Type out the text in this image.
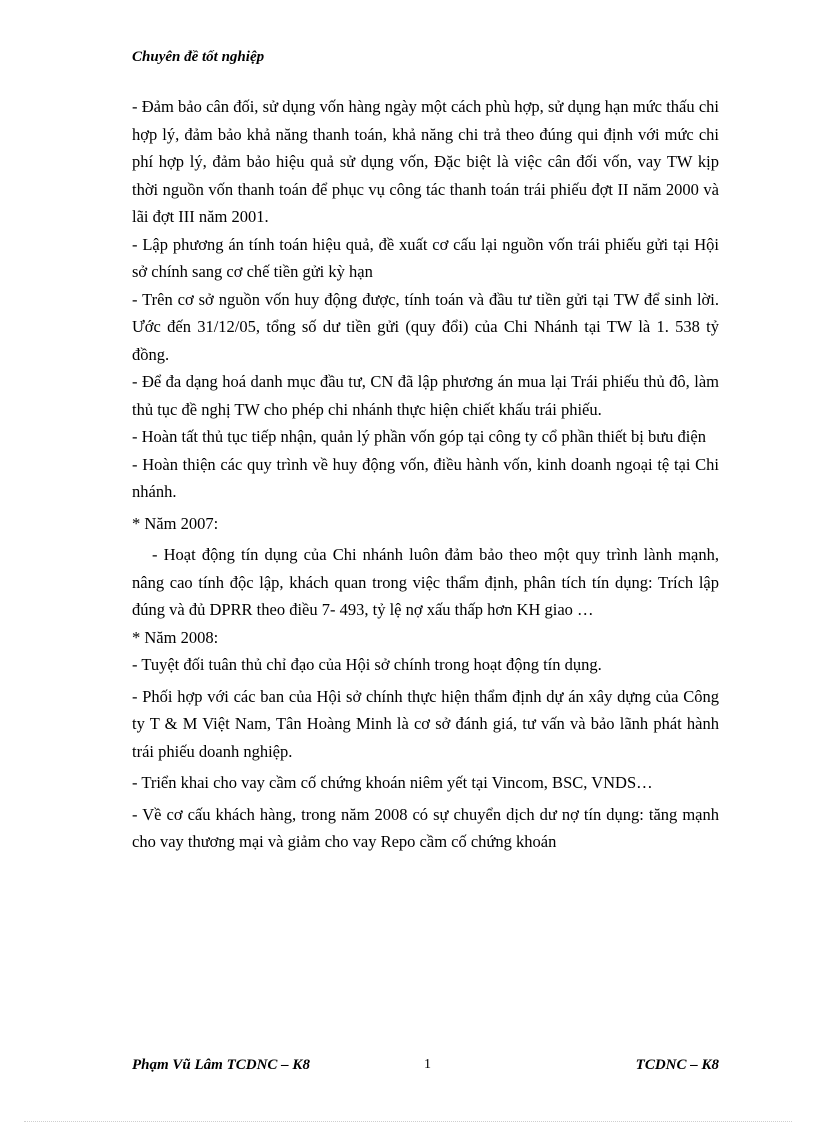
Chuyên đề tốt nghiệp

- Đảm bảo cân đối, sử dụng vốn hàng ngày một cách phù hợp, sử dụng hạn mức thấu chi hợp lý, đảm bảo khả năng thanh toán, khả năng chi trả theo đúng qui định với mức chi phí hợp lý, đảm bảo hiệu quả sử dụng vốn, Đặc biệt là việc cân đối vốn, vay TW kịp thời nguồn vốn thanh toán để phục vụ công tác thanh toán trái phiếu đợt II năm 2000 và lãi đợt III năm 2001.

- Lập phương án tính toán hiệu quả, đề xuất cơ cấu lại nguồn vốn trái phiếu gửi tại Hội sở chính sang cơ chế tiền gửi kỳ hạn

- Trên cơ sở nguồn vốn huy động được, tính toán và đầu tư tiền gửi tại TW để sinh lời. Ước đến 31/12/05, tổng số dư tiền gửi (quy đổi) của Chi Nhánh tại TW là 1. 538 tỷ đồng.

- Để đa dạng hoá danh mục đầu tư, CN đã lập phương án mua lại Trái phiếu thủ đô, làm thủ tục đề nghị TW cho phép chi nhánh thực hiện chiết khấu trái phiếu.

- Hoàn tất thủ tục tiếp nhận, quản lý phần vốn góp tại công ty cổ phần thiết bị bưu điện

- Hoàn thiện các quy trình về huy động vốn, điều hành vốn, kinh doanh ngoại tệ tại Chi nhánh.

* Năm 2007:

- Hoạt động tín dụng của Chi nhánh luôn đảm bảo theo một quy trình lành mạnh, nâng cao tính độc lập, khách quan trong việc thẩm định, phân tích tín dụng: Trích lập đúng và đủ DPRR theo điều 7- 493, tỷ lệ nợ xấu thấp hơn KH giao …

* Năm 2008:

- Tuyệt đối tuân thủ chỉ đạo của Hội sở chính trong hoạt động tín dụng.

- Phối hợp với các ban của Hội sở chính thực hiện thẩm định dự án xây dựng của Công ty T & M Việt Nam, Tân Hoàng Minh là cơ sở đánh giá, tư vấn và bảo lãnh phát hành trái phiếu doanh nghiệp.

- Triển khai cho vay cầm cố chứng khoán niêm yết tại Vincom, BSC, VNDS…

- Về cơ cấu khách hàng, trong năm 2008 có sự chuyển dịch dư nợ tín dụng: tăng mạnh cho vay thương mại và giảm cho vay Repo cầm cố chứng khoán

Phạm Vũ Lâm TCDNC – K8	1	TCDNC – K8
